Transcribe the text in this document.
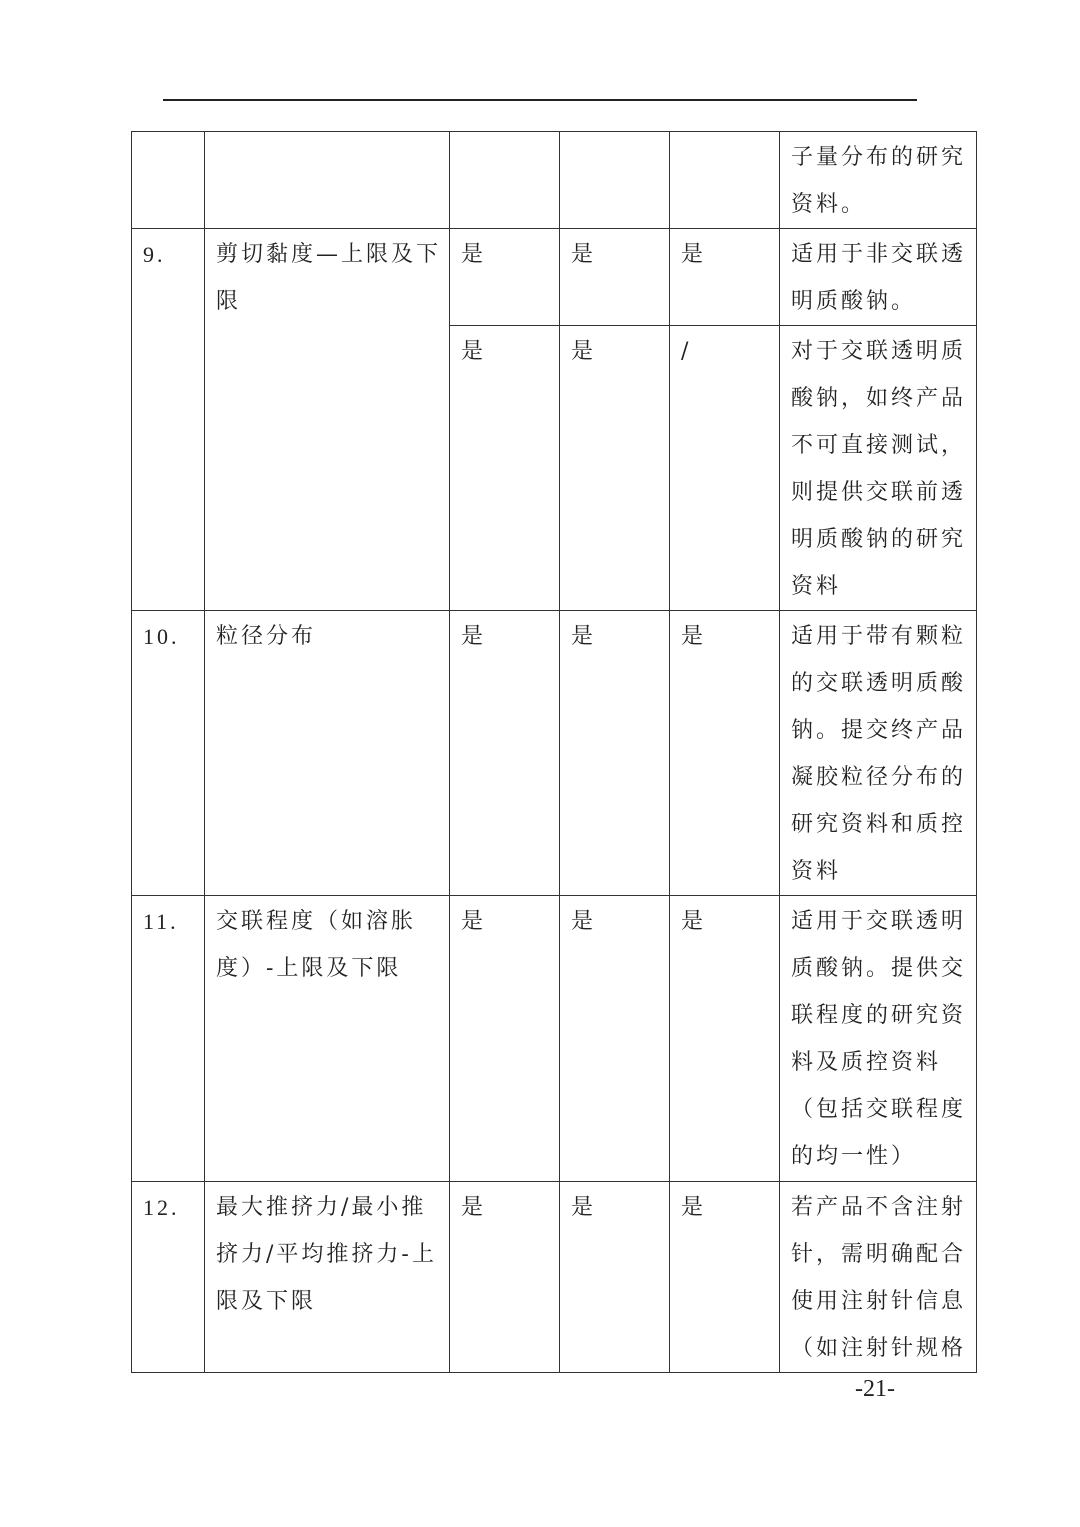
					子量分布的研究资料。
9.	剪切黏度—上限及下限	是	是	是	适用于非交联透明质酸钠。
		是	是	/	对于交联透明质酸钠，如终产品不可直接测试，则提供交联前透明质酸钠的研究资料
10.	粒径分布	是	是	是	适用于带有颗粒的交联透明质酸钠。提交终产品凝胶粒径分布的研究资料和质控资料
11.	交联程度（如溶胀度）-上限及下限	是	是	是	适用于交联透明质酸钠。提供交联程度的研究资料及质控资料（包括交联程度的均一性）
12.	最大推挤力/最小推挤力/平均推挤力-上限及下限	是	是	是	若产品不含注射针，需明确配合使用注射针信息（如注射针规格
-21-
